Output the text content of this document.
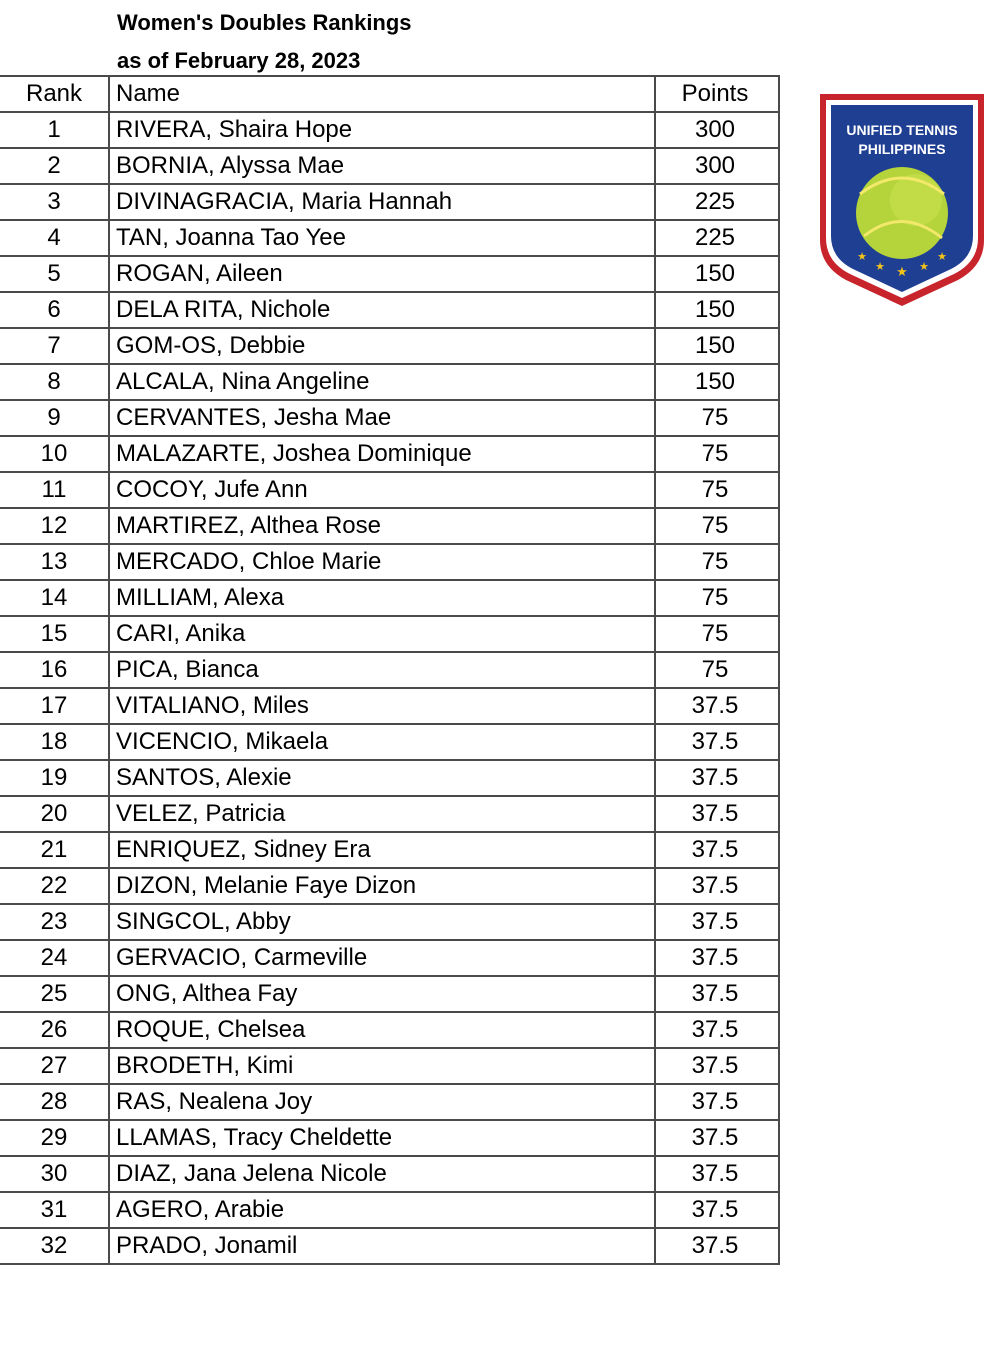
Women's Doubles Rankings
as of February 28, 2023
Rank	Name	Points
1	RIVERA, Shaira Hope	300
2	BORNIA, Alyssa Mae	300
3	DIVINAGRACIA, Maria Hannah	225
4	TAN, Joanna Tao Yee	225
5	ROGAN, Aileen	150
6	DELA RITA, Nichole	150
7	GOM-OS, Debbie	150
8	ALCALA, Nina Angeline	150
9	CERVANTES, Jesha Mae	75
10	MALAZARTE, Joshea Dominique	75
11	COCOY, Jufe Ann	75
12	MARTIREZ, Althea Rose	75
13	MERCADO, Chloe Marie	75
14	MILLIAM, Alexa	75
15	CARI, Anika	75
16	PICA, Bianca	75
17	VITALIANO, Miles	37.5
18	VICENCIO, Mikaela	37.5
19	SANTOS, Alexie	37.5
20	VELEZ, Patricia	37.5
21	ENRIQUEZ, Sidney Era	37.5
22	DIZON, Melanie Faye Dizon	37.5
23	SINGCOL, Abby	37.5
24	GERVACIO, Carmeville	37.5
25	ONG, Althea Fay	37.5
26	ROQUE, Chelsea	37.5
27	BRODETH, Kimi	37.5
28	RAS, Nealena Joy	37.5
29	LLAMAS, Tracy Cheldette	37.5
30	DIAZ, Jana Jelena Nicole	37.5
31	AGERO, Arabie	37.5
32	PRADO, Jonamil	37.5
UNIFIED TENNIS
PHILIPPINES
★
★ ★ ★
★
